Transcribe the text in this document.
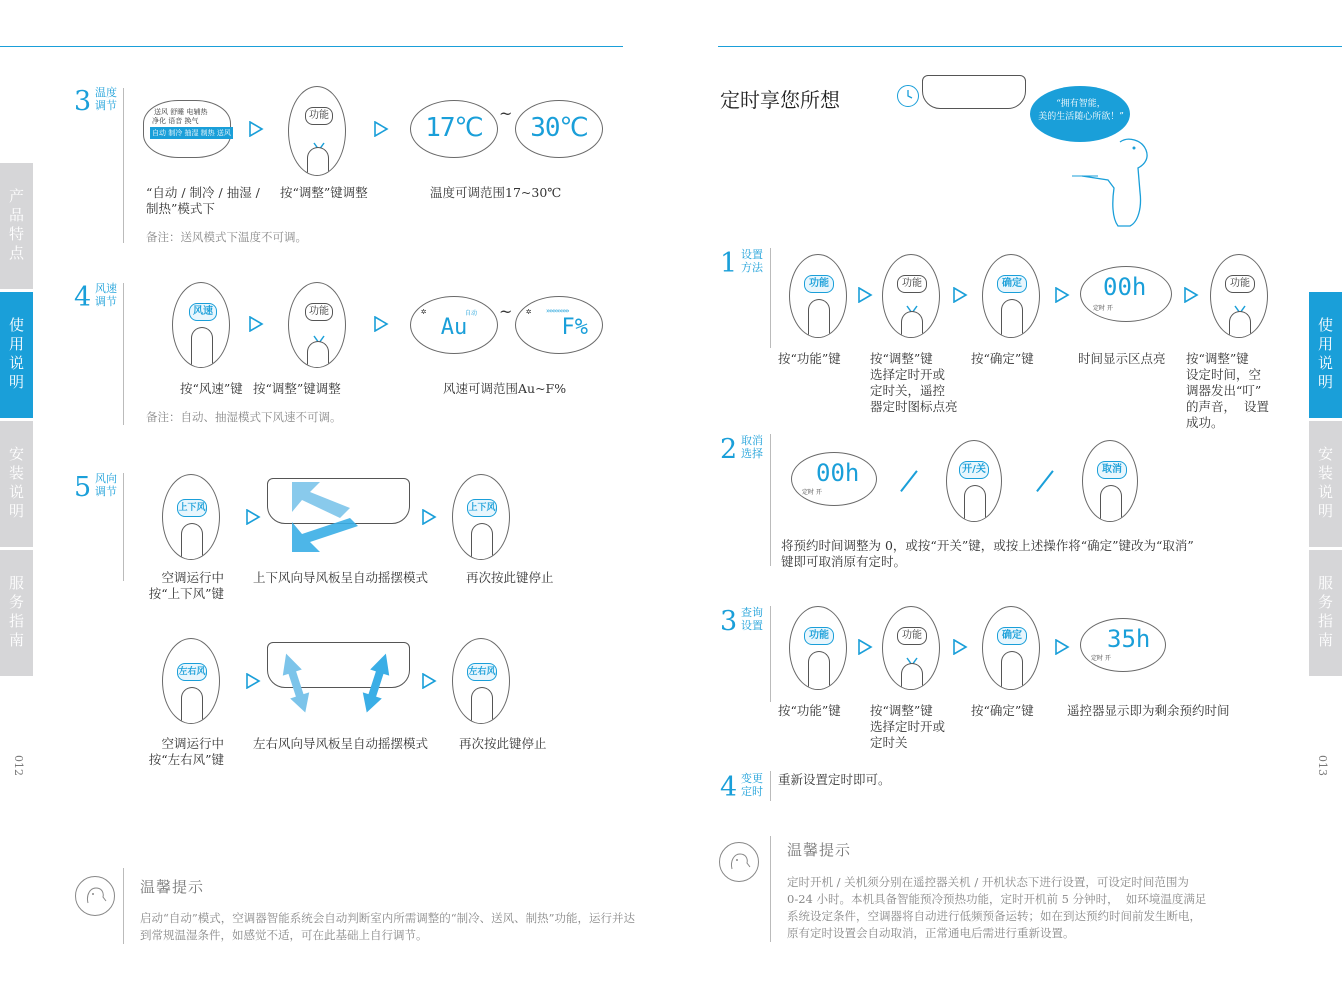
产品特点
使用说明
安装说明
服务指南
012
3 温度
调节	送风 舒睡 电辅热
净化 语音 换气
自动 制冷 抽湿 制热 送风
功能	17℃	~ 30℃
“自动 / 制冷 / 抽湿 / 制热”模式下
按“调整”键调整	温度可调范围17~30℃
备注：送风模式下温度不可调。
4 风速
调节
风速	功能	✲	自动
Au
~ ✲ »»»»»»»
F%
按“风速”键 按“调整”键调整	风速可调范围Au~F%
备注：自动、抽湿模式下风速不可调。
5 风向
调节
上下风	上下风
空调运行中
按“上下风”键
上下风向导风板呈自动摇摆模式	再次按此键停止
左右风	左右风
空调运行中
按“左右风”键
左右风向导风板呈自动摇摆模式 再次按此键停止
温馨提示
启动“自动”模式，空调器智能系统会自动判断室内所需调整的“制冷、送风、制热”功能，运行并达到常规温湿条件，如感觉不适，可在此基础上自行调节。
使用说明
安装说明
服务指南
013
定时享您所想	“拥有智能，
美的生活随心所欲！”
1 设置
方法
功能	功能	确定	00h
定时 开
功能
按“功能”键 按“调整”键
选择定时开或
定时关，遥控
器定时图标点亮
按“确定”键	时间显示区点亮 按“调整”键
设定时间，空
调器发出“叮”
的声音，  设置
成功。
2 取消
选择
00h
定时 开
开/关	取消
将预约时间调整为 0，或按“开关”键，或按上述操作将“确定”键改为“取消”
键即可取消原有定时。
3 查询
设置
功能	功能	确定	35h
定时 开
按“功能”键 按“调整”键
选择定时开或
定时关
按“确定”键	遥控器显示即为剩余预约时间
4 变更
定时
重新设置定时即可。
温馨提示
定时开机 / 关机须分别在遥控器关机 / 开机状态下进行设置，可设定时间范围为
0-24 小时。本机具备智能预冷预热功能，定时开机前 5 分钟时，  如环境温度满足
系统设定条件，空调器将自动进行低频预备运转；如在到达预约时间前发生断电，
原有定时设置会自动取消，正常通电后需进行重新设置。
